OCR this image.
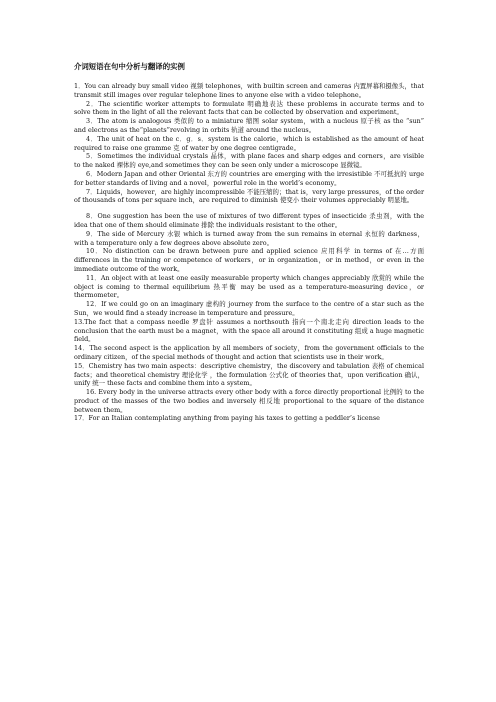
介词短语在句中分析与翻译的实例

1．You can already buy small video 视频 telephones，with builtin screen and cameras 内置屏幕和摄像头，that transmit still images over regular telephone lines to anyone else with a video telephone。

2．The scientific worker attempts to formulate 明确地表达 these problems in accurate terms and to solve them in the light of all the relevant facts that can be collected by observation and experiment。

3．The atom is analogous 类似的 to a miniature 缩图 solar system，with a nucleus 原子核 as the “sun” and electrons as the“planets”revolving in orbits 轨道 around the nucleus。

4．The unit of heat on the c．g．s．system is the calorie，which is established as the amount of heat required to raise one gramme 克 of water by one degree centigrade。

5．Sometimes the individual crystals 晶体，with plane faces and sharp edges and corners，are visible to the naked 裸体的 eye,and sometimes they can be seen only under a microscope 显微镜。

6．Modern Japan and other Oriental 东方的 countries are emerging with the irresistible 不可抵抗的 urge for better standards of living and a novel，powerful role in the world’s economy。

7．Liquids，however，are highly incompressible 不能压缩的；that is，very large pressures，of the order of thousands of tons per square inch，are required to diminish 使变小 their volumes appreciably 明显地。

8．One suggestion has been the use of mixtures of two different types of insecticide 杀虫剂，with the idea that one of them should eliminate 排除 the individuals resistant to the other。

9．The side of Mercury 水银 which is turned away from the sun remains in eternal 永恒的 darkness，with a temperature only a few degrees above absolute zero。

10．No distinction can be drawn between pure and applied science 应用科学 in terms of 在…方面 differences in the training or competence of workers，or in organization，or in method，or even in the immediate outcome of the work。

11．An object with at least one easily measurable property which changes appreciably 欣赏的 while the object is coming to thermal equilibrium 热平衡 may be used as a temperature-measuring device，or thermometer。

12．If we could go on an imaginary 虚构的 journey from the surface to the centre of a star such as the Sun，we would find a steady increase in temperature and pressure。

13.The fact that a compass needle 罗盘针 assumes a northsouth 指向一个南北走向 direction leads to the conclusion that the earth must be a magnet，with the space all around it constituting 组成 a huge magnetic field。

14．The second aspect is the application by all members of society，from the government officials to the ordinary citizen，of the special methods of thought and action that scientists use in their work。

15．Chemistry has two main aspects：descriptive chemistry，the discovery and tabulation 表格 of chemical facts；and theoretical chemistry 理论化学 ，the formulation 公式化 of theories that，upon verification 确认，unify 统一 these facts and combine them into a system。

16. Every body in the universe attracts every other body with a force directly proportional 比例的 to the product of the masses of the two bodies and inversely 相反地 proportional to the square of the distance between them。

17．For an Italian contemplating anything from paying his taxes to getting a peddler’s license
